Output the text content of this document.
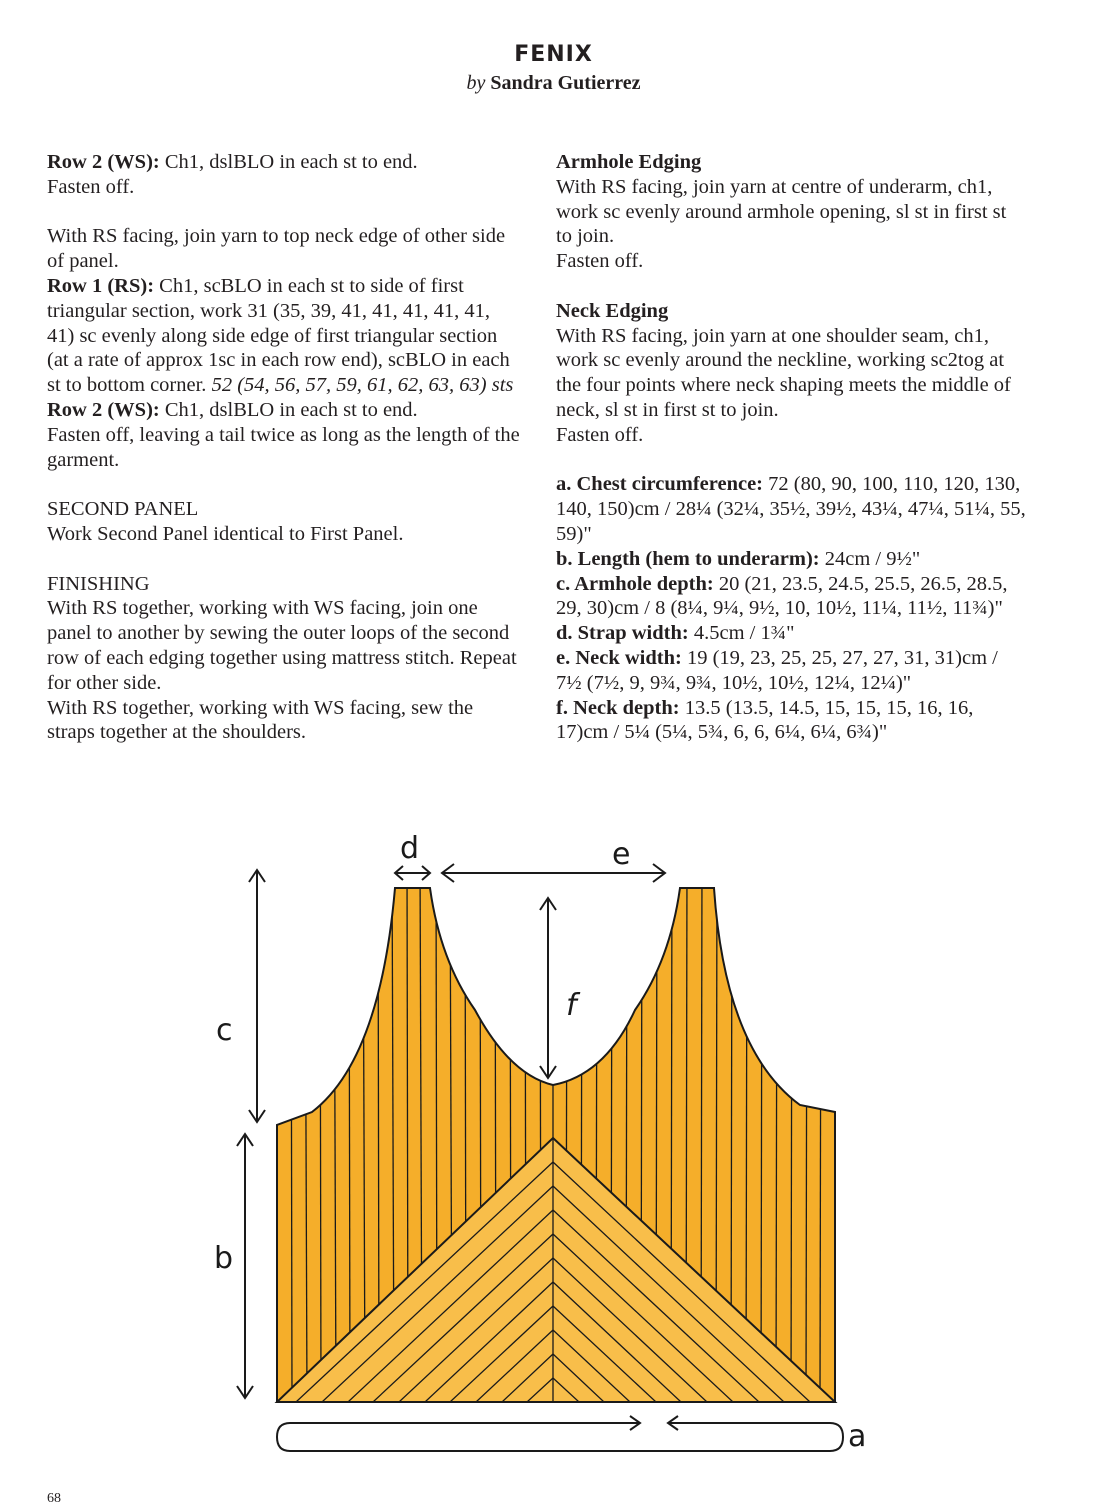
FENIX
by Sandra Gutierrez

Row 2 (WS): Ch1, dslBLO in each st to end.

Fasten off.

With RS facing, join yarn to top neck edge of other side of panel.

Row 1 (RS): Ch1, scBLO in each st to side of first triangular section, work 31 (35, 39, 41, 41, 41, 41, 41, 41) sc evenly along side edge of first triangular section (at a rate of approx 1sc in each row end), scBLO in each st to bottom corner. 52 (54, 56, 57, 59, 61, 62, 63, 63) sts

Row 2 (WS): Ch1, dslBLO in each st to end.

Fasten off, leaving a tail twice as long as the length of the garment.

SECOND PANEL

Work Second Panel identical to First Panel.

FINISHING

With RS together, working with WS facing, join one panel to another by sewing the outer loops of the second row of each edging together using mattress stitch. Repeat for other side.

With RS together, working with WS facing, sew the straps together at the shoulders.

Armhole Edging

With RS facing, join yarn at centre of underarm, ch1, work sc evenly around armhole opening, sl st in first st to join.

Fasten off.

Neck Edging

With RS facing, join yarn at one shoulder seam, ch1, work sc evenly around the neckline, working sc2tog at the four points where neck shaping meets the middle of neck, sl st in first st to join.

Fasten off.

a. Chest circumference: 72 (80, 90, 100, 110, 120, 130, 140, 150)cm / 28¼ (32¼, 35½, 39½, 43¼, 47¼, 51¼, 55, 59)"

b. Length (hem to underarm): 24cm / 9½"

c. Armhole depth: 20 (21, 23.5, 24.5, 25.5, 26.5, 28.5, 29, 30)cm / 8 (8¼, 9¼, 9½, 10, 10½, 11¼, 11½, 11¾)"

d. Strap width: 4.5cm / 1¾"

e. Neck width: 19 (19, 23, 25, 25, 27, 27, 31, 31)cm / 7½ (7½, 9, 9¾, 9¾, 10½, 10½, 12¼, 12¼)"

f. Neck depth: 13.5 (13.5, 14.5, 15, 15, 15, 16, 16, 17)cm / 5¼ (5¼, 5¾, 6, 6, 6¼, 6¼, 6¾)"

d	e
f
c
b
a
68
